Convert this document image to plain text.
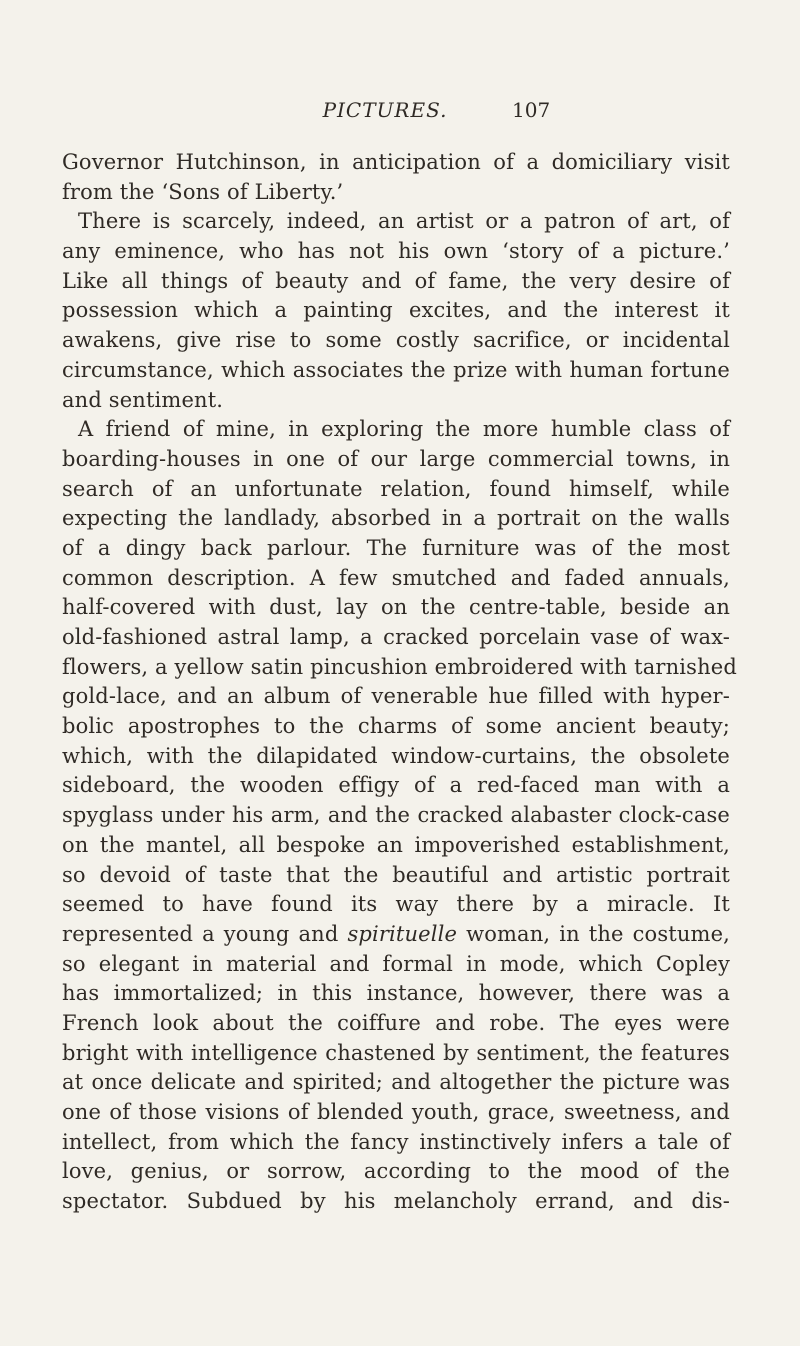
PICTURES.	107
Governor Hutchinson, in anticipation of a domiciliary visit
from the ‘Sons of Liberty.’
There is scarcely, indeed, an artist or a patron of art, of
any eminence, who has not his own ‘story of a picture.’
Like all things of beauty and of fame, the very desire of
possession which a painting excites, and the interest it
awakens, give rise to some costly sacrifice, or incidental
circumstance, which associates the prize with human fortune
and sentiment.
A friend of mine, in exploring the more humble class of
boarding-houses in one of our large commercial towns, in
search of an unfortunate relation, found himself, while
expecting the landlady, absorbed in a portrait on the walls
of a dingy back parlour. The furniture was of the most
common description. A few smutched and faded annuals,
half-covered with dust, lay on the centre-table, beside an
old-fashioned astral lamp, a cracked porcelain vase of wax-
flowers, a yellow satin pincushion embroidered with tarnished
gold-lace, and an album of venerable hue filled with hyper-
bolic apostrophes to the charms of some ancient beauty;
which, with the dilapidated window-curtains, the obsolete
sideboard, the wooden effigy of a red-faced man with a
spyglass under his arm, and the cracked alabaster clock-case
on the mantel, all bespoke an impoverished establishment,
so devoid of taste that the beautiful and artistic portrait
seemed to have found its way there by a miracle. It
represented a young and spirituelle woman, in the costume,
so elegant in material and formal in mode, which Copley
has immortalized; in this instance, however, there was a
French look about the coiffure and robe. The eyes were
bright with intelligence chastened by sentiment, the features
at once delicate and spirited; and altogether the picture was
one of those visions of blended youth, grace, sweetness, and
intellect, from which the fancy instinctively infers a tale of
love, genius, or sorrow, according to the mood of the
spectator. Subdued by his melancholy errand, and dis-
